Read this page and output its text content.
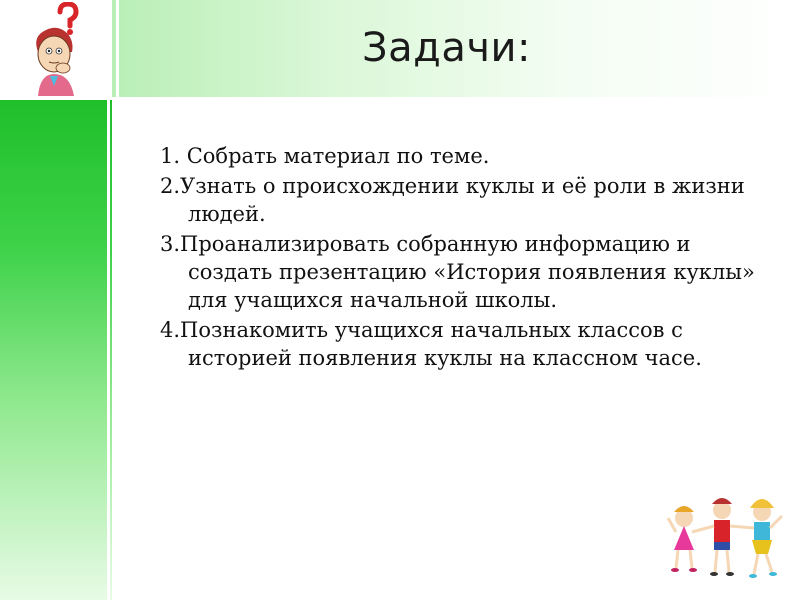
Задачи:
1. Собрать материал по теме.
2.Узнать о происхождении куклы и её роли в жизни людей.
3.Проанализировать собранную информацию и создать презентацию «История появления куклы» для учащихся начальной школы.
4.Познакомить учащихся начальных классов с историей появления куклы на классном часе.
